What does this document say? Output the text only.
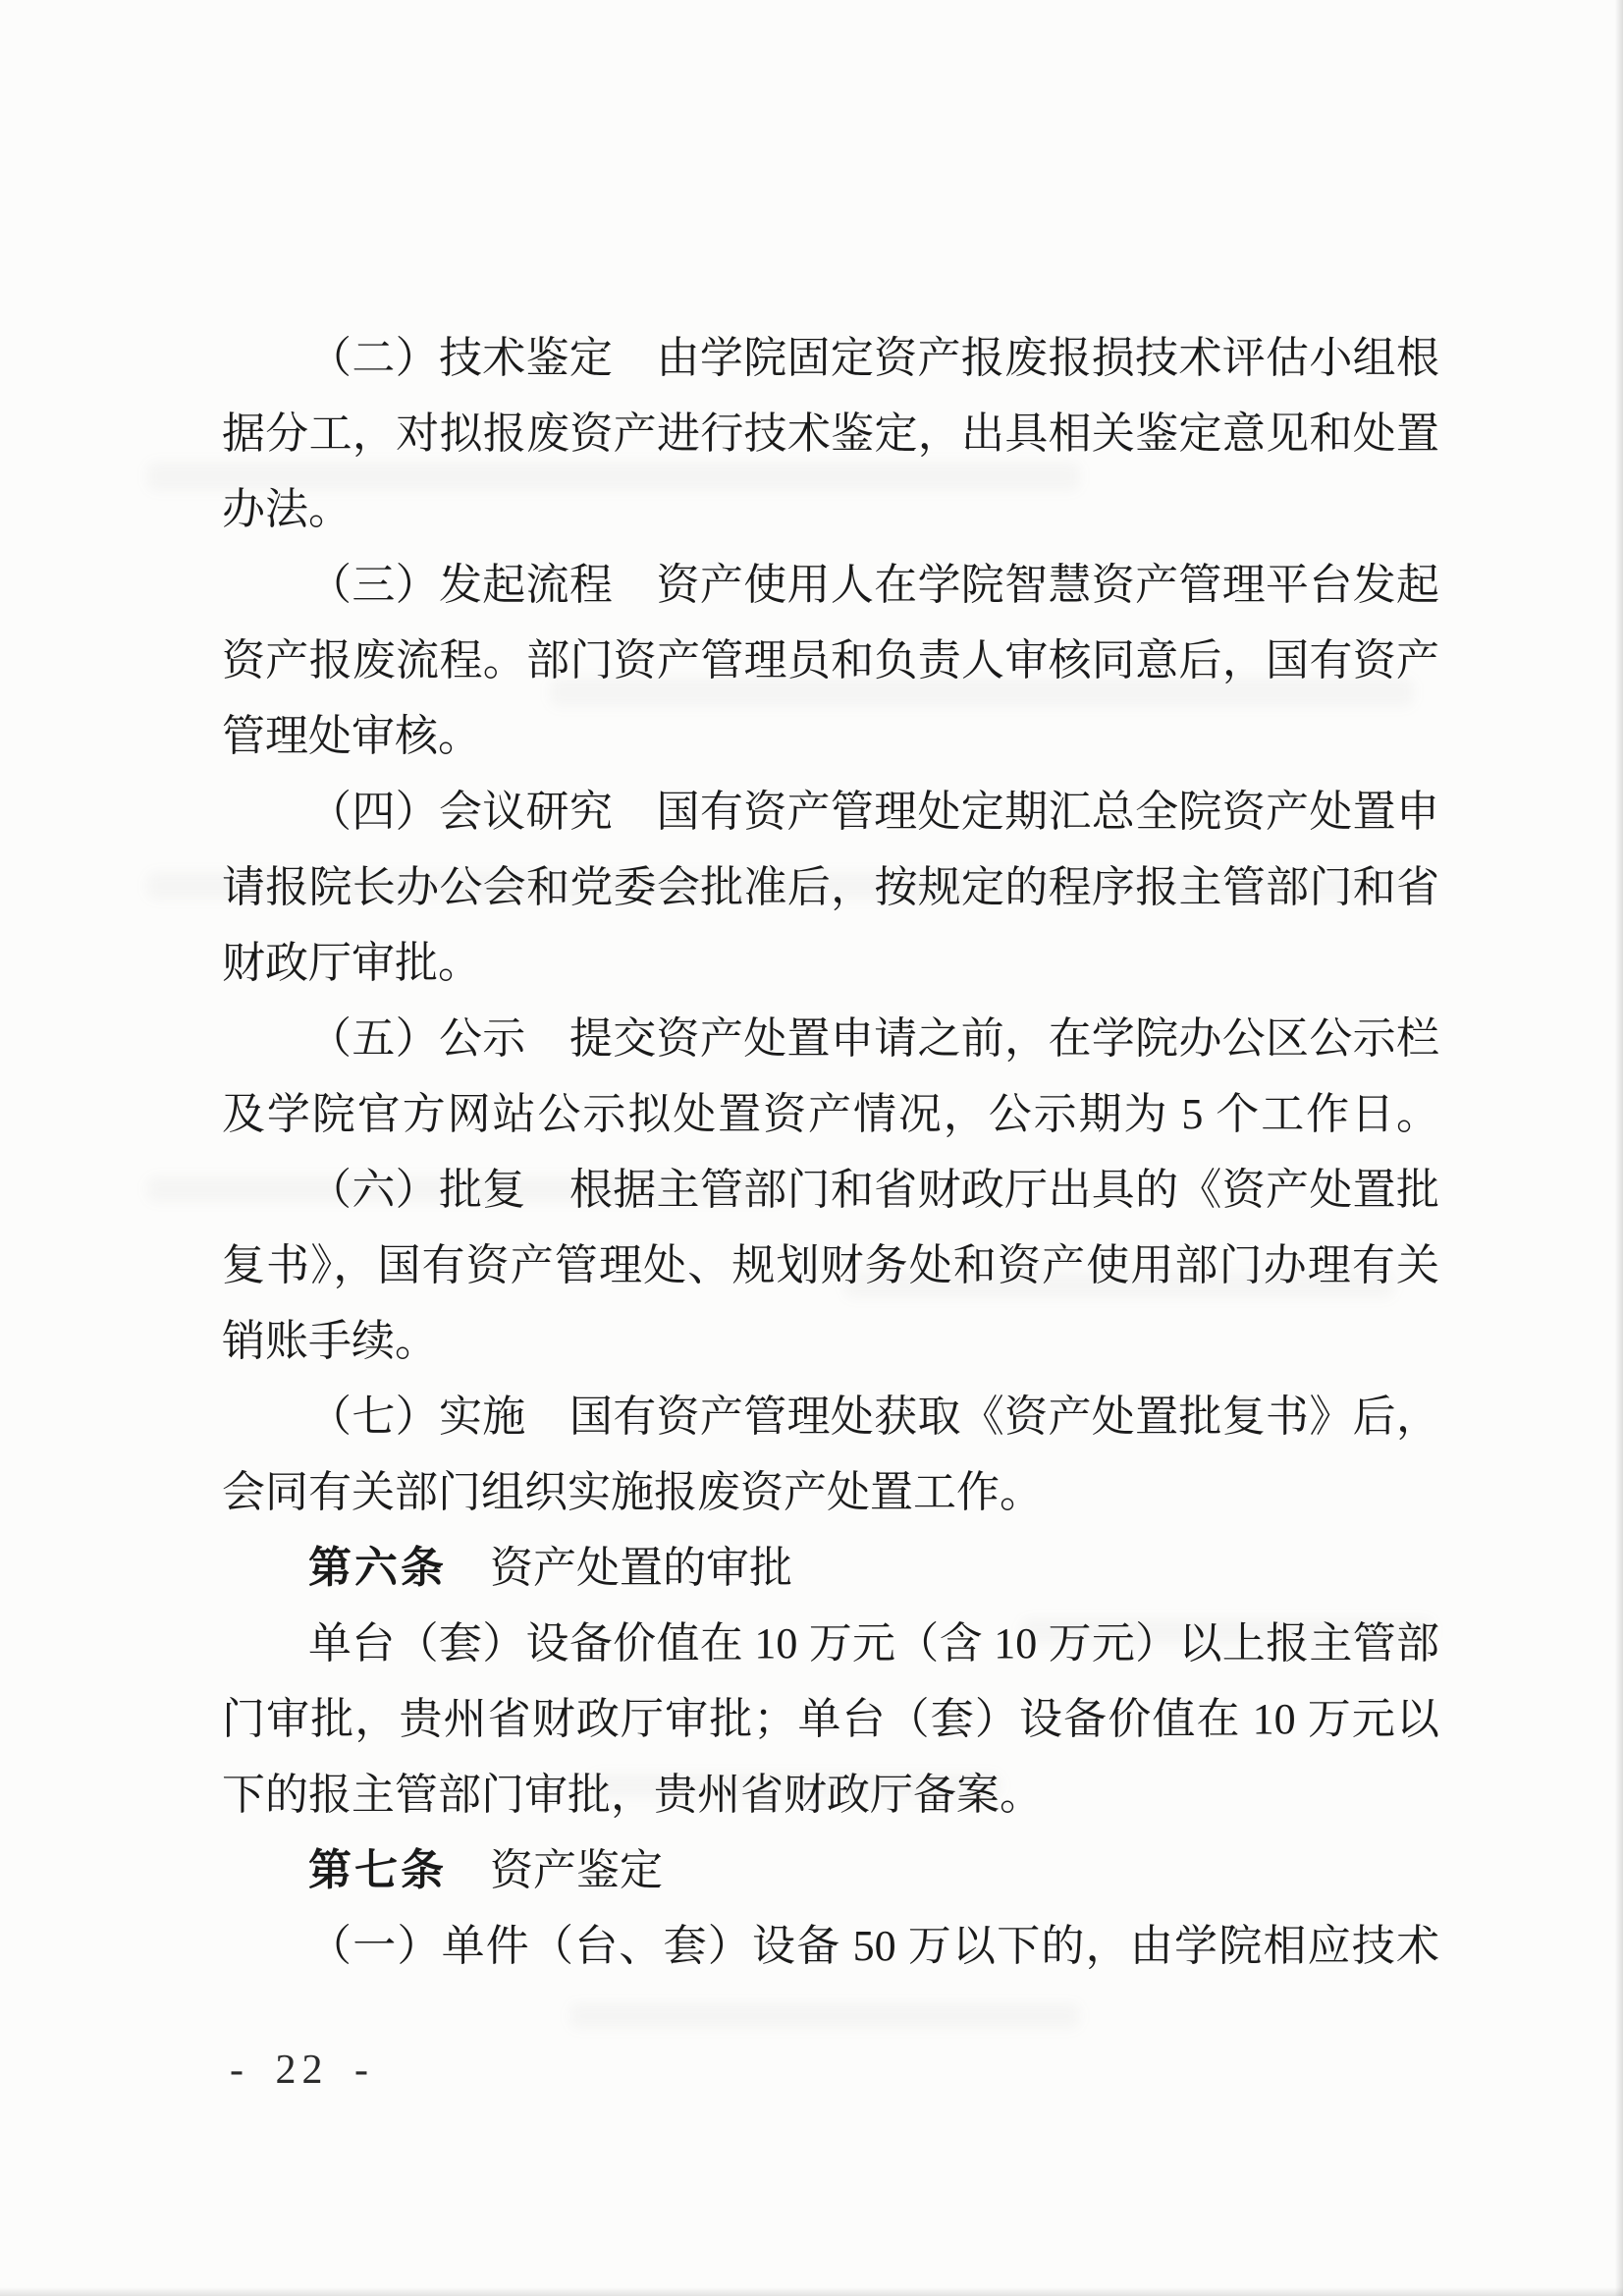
（二）技术鉴定　由学院固定资产报废报损技术评估小组根
据分工，对拟报废资产进行技术鉴定，出具相关鉴定意见和处置
办法。
（三）发起流程　资产使用人在学院智慧资产管理平台发起
资产报废流程。部门资产管理员和负责人审核同意后，国有资产
管理处审核。
（四）会议研究　国有资产管理处定期汇总全院资产处置申
请报院长办公会和党委会批准后，按规定的程序报主管部门和省
财政厅审批。
（五）公示　提交资产处置申请之前，在学院办公区公示栏
及学院官方网站公示拟处置资产情况，公示期为 5 个工作日。
（六）批复　根据主管部门和省财政厅出具的《资产处置批
复书》，国有资产管理处、规划财务处和资产使用部门办理有关
销账手续。
（七）实施　国有资产管理处获取《资产处置批复书》后，
会同有关部门组织实施报废资产处置工作。
第六条　资产处置的审批
单台（套）设备价值在 10 万元（含 10 万元）以上报主管部
门审批，贵州省财政厅审批；单台（套）设备价值在 10 万元以
下的报主管部门审批，贵州省财政厅备案。
第七条　资产鉴定
（一）单件（台、套）设备 50 万以下的，由学院相应技术
- 22 -
